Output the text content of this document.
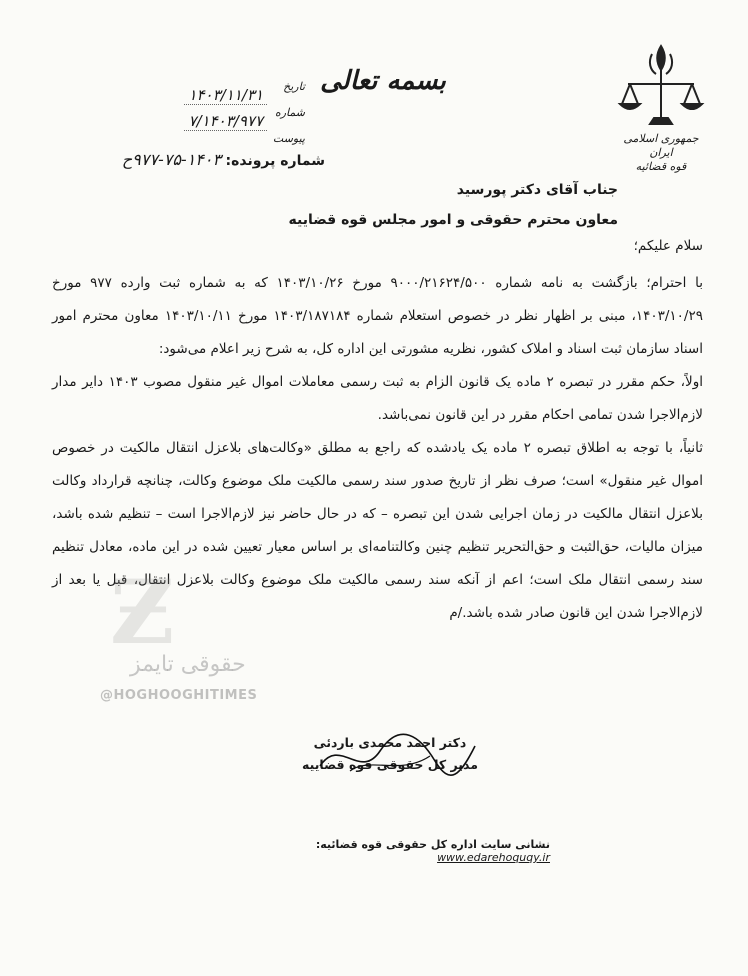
جمهوری اسلامی ایران
قوه قضائیه
بسمه تعالی
تاریخ
۱۴۰۳/۱۱/۳۱
شماره
۷/۱۴۰۳/۹۷۷
پیوست
شماره پرونده: ۱۴۰۳-۷۵-۹۷۷ح
جناب آقای دکتر پورسید
معاون محترم حقوقی و امور مجلس قوه قضاییه

سلام علیکم؛

با احترام؛ بازگشت به نامه شماره ۹۰۰۰/۲۱۶۲۴/۵۰۰ مورخ ۱۴۰۳/۱۰/۲۶ که به شماره ثبت وارده ۹۷۷ مورخ ۱۴۰۳/۱۰/۲۹، مبنی بر اظهار نظر در خصوص استعلام شماره ۱۴۰۳/۱۸۷۱۸۴ مورخ ۱۴۰۳/۱۰/۱۱ معاون محترم امور اسناد سازمان ثبت اسناد و املاک کشور، نظریه مشورتی این اداره کل، به شرح زیر اعلام می‌شود:

اولاً، حکم مقرر در تبصره ۲ ماده یک قانون الزام به ثبت رسمی معاملات اموال غیر منقول مصوب ۱۴۰۳ دایر مدار لازم‌الاجرا شدن تمامی احکام مقرر در این قانون نمی‌باشد.

ثانیاً، با توجه به اطلاق تبصره ۲ ماده یک یادشده که راجع به مطلق «وکالت‌های بلاعزل انتقال مالکیت در خصوص اموال غیر منقول» است؛ صرف نظر از تاریخ صدور سند رسمی مالکیت ملک موضوع وکالت، چنانچه قرارداد وکالت بلاعزل انتقال مالکیت در زمان اجرایی شدن این تبصره – که در حال حاضر نیز لازم‌الاجرا است – تنظیم شده باشد، میزان مالیات، حق‌الثبت و حق‌التحریر تنظیم چنین وکالتنامه‌ای بر اساس معیار تعیین شده در این ماده، معادل تنظیم سند رسمی انتقال ملک است؛ اعم از آنکه سند رسمی مالکیت ملک موضوع وکالت بلاعزل انتقال، قبل یا بعد از لازم‌الاجرا شدن این قانون صادر شده باشد./م

Ƶ
حقوقی تایمز
@HOGHOOGHITIMES
دکتر احمد محمدی باردئی
مدیر کل حقوقی قوه قضاییه
نشانی سایت اداره کل حقوقی قوه قضائیه: www.edarehoquqy.ir
